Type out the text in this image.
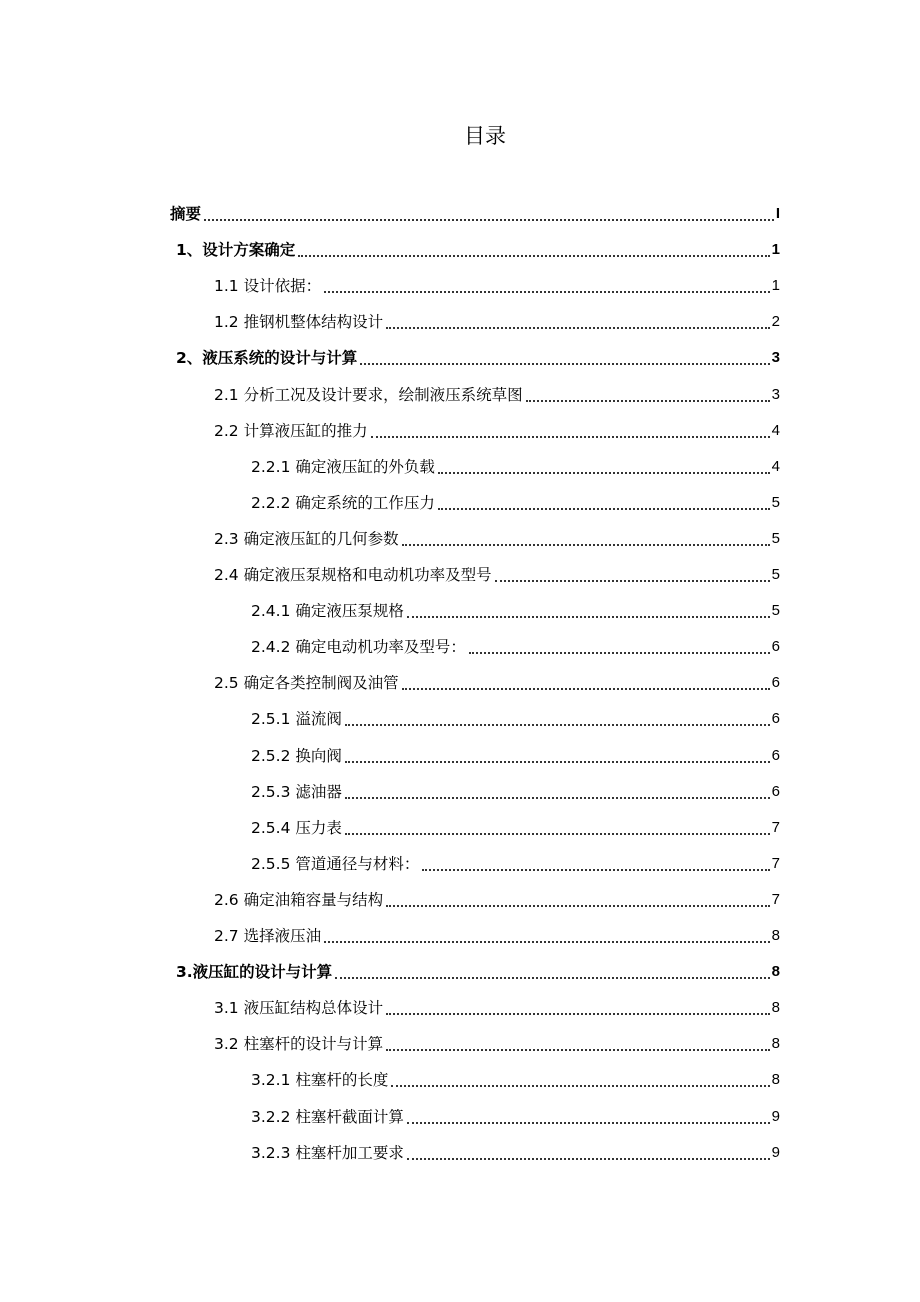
目录
摘要	I
1、设计方案确定	1
1.1 设计依据：	1
1.2 推钢机整体结构设计	2
2、液压系统的设计与计算	3
2.1 分析工况及设计要求，绘制液压系统草图	3
2.2 计算液压缸的推力	4
2.2.1 确定液压缸的外负载	4
2.2.2 确定系统的工作压力	5
2.3 确定液压缸的几何参数	5
2.4 确定液压泵规格和电动机功率及型号	5
2.4.1 确定液压泵规格	5
2.4.2 确定电动机功率及型号：	6
2.5 确定各类控制阀及油管	6
2.5.1 溢流阀	6
2.5.2 换向阀	6
2.5.3 滤油器	6
2.5.4 压力表	7
2.5.5 管道通径与材料：	7
2.6 确定油箱容量与结构	7
2.7 选择液压油	8
3.液压缸的设计与计算	8
3.1 液压缸结构总体设计	8
3.2 柱塞杆的设计与计算	8
3.2.1 柱塞杆的长度	8
3.2.2 柱塞杆截面计算	9
3.2.3 柱塞杆加工要求	9
